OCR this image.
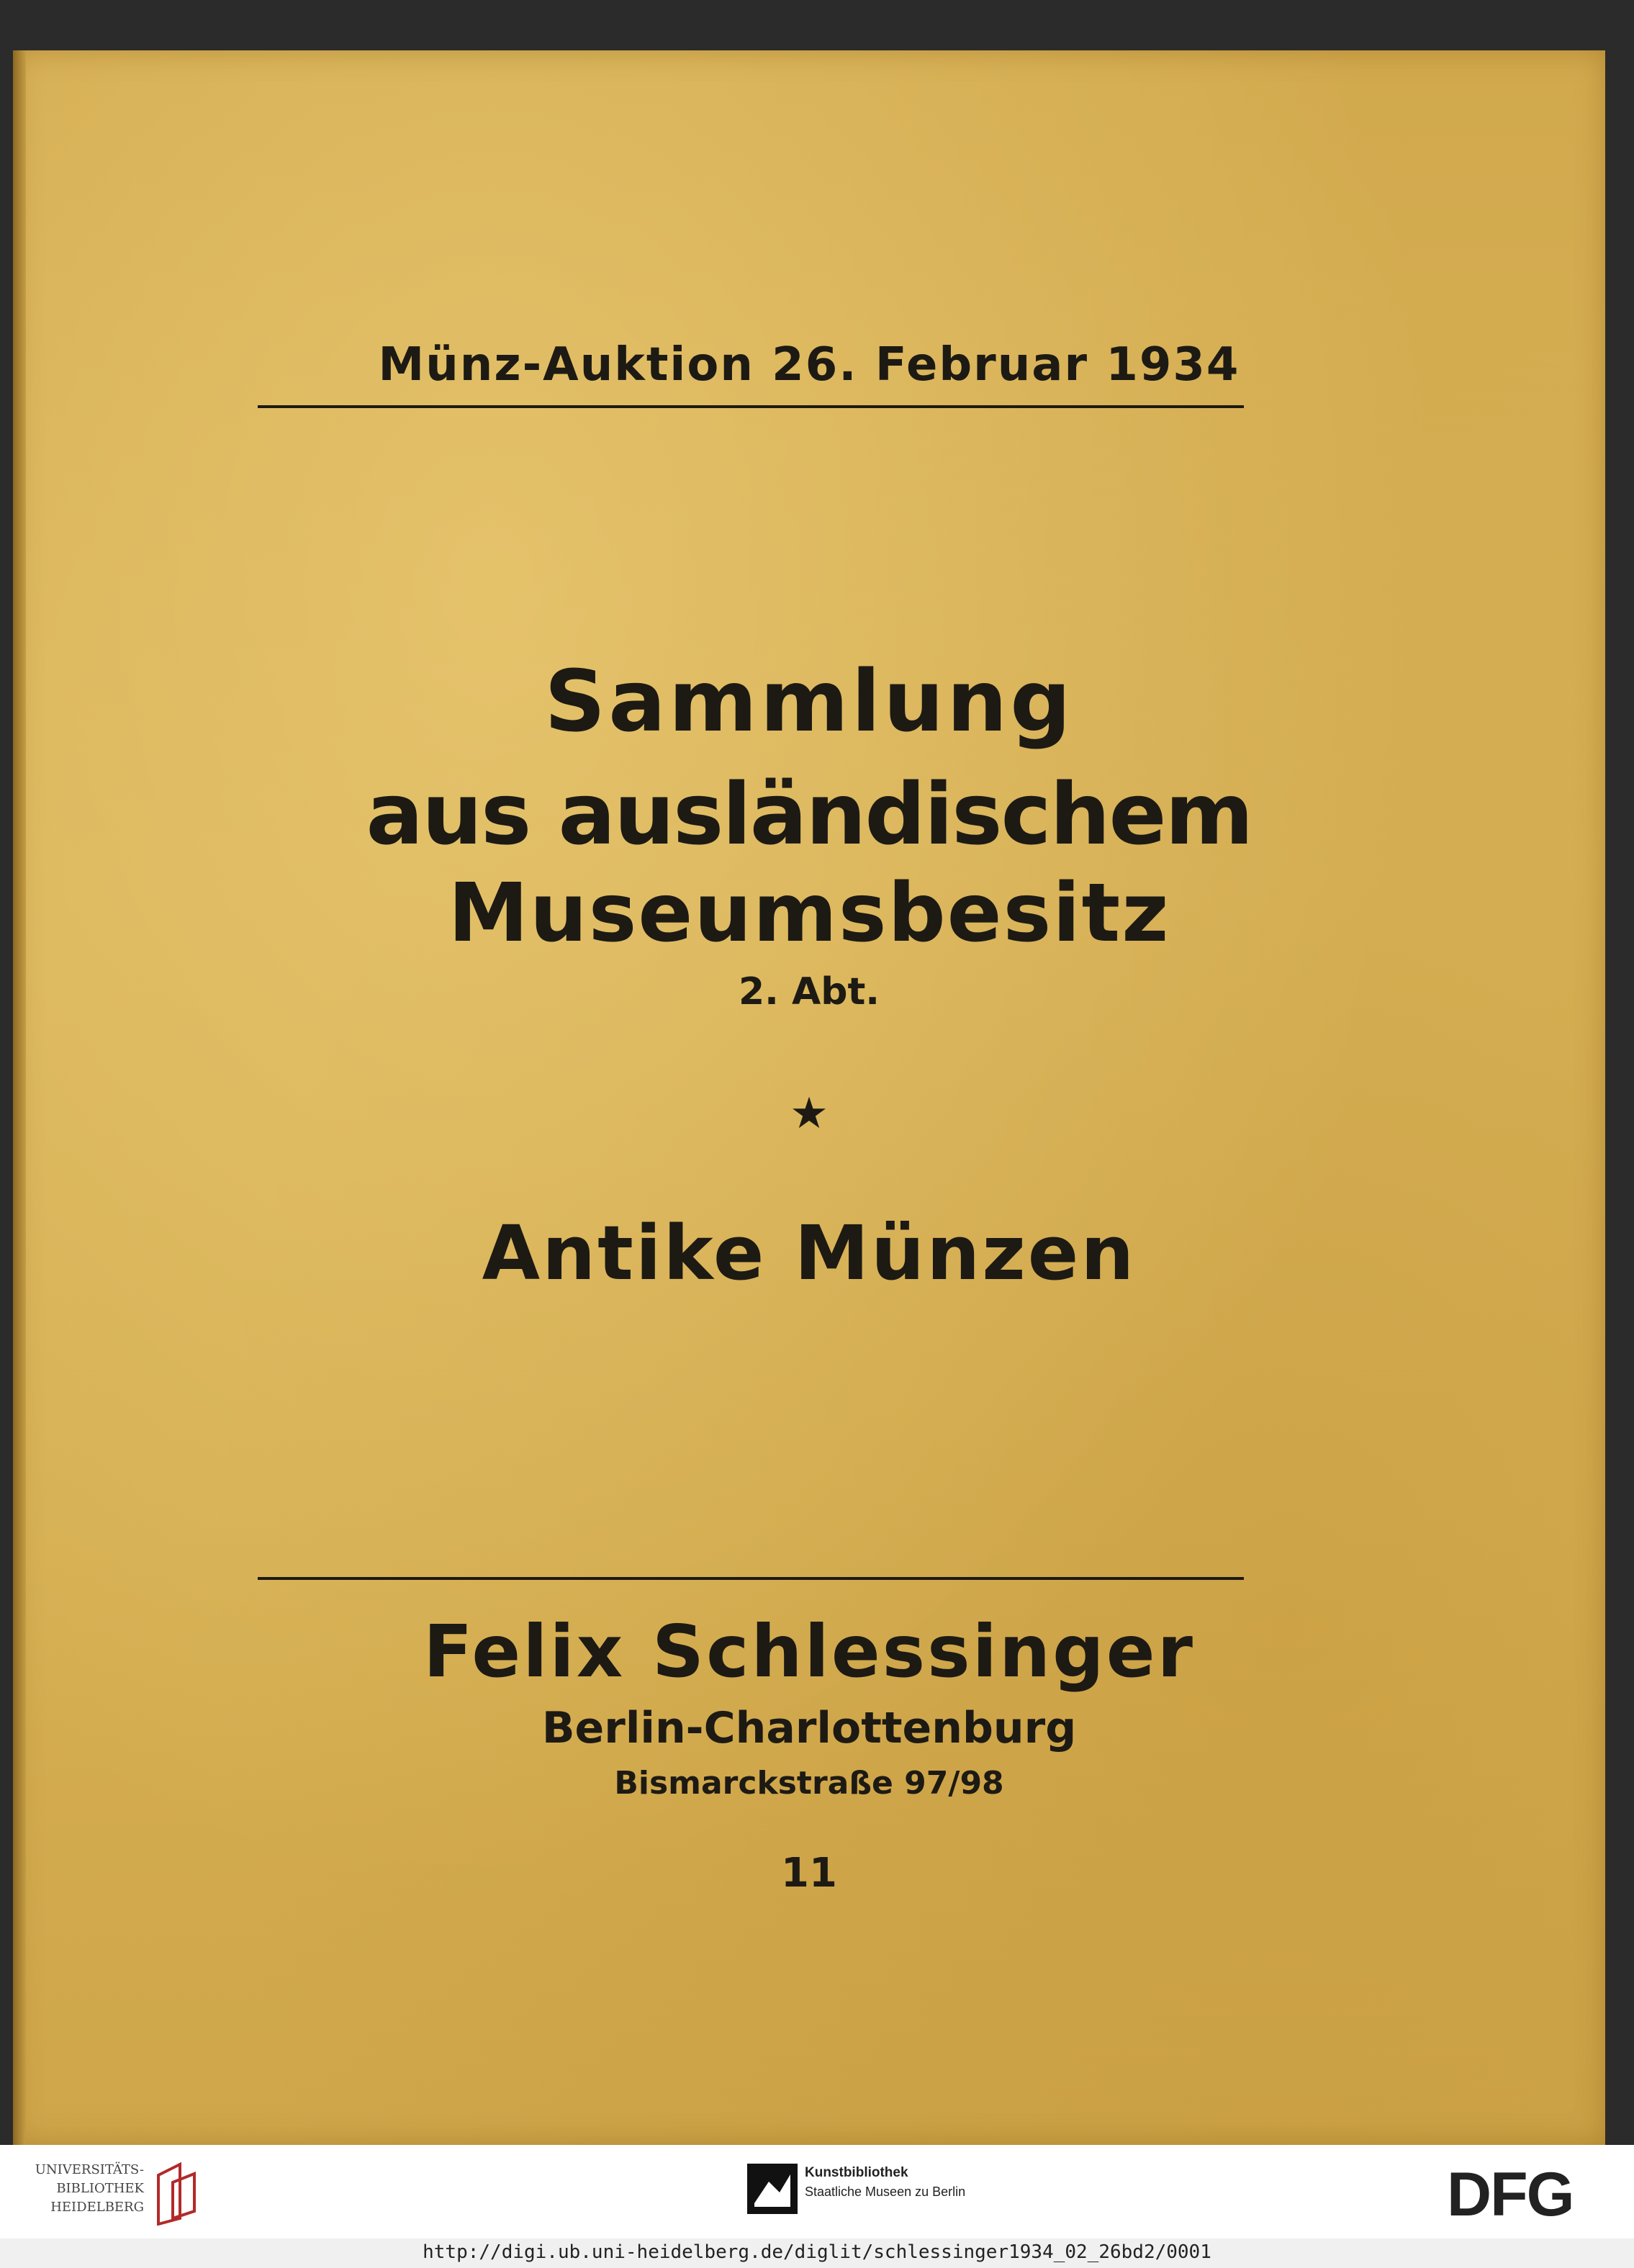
Münz-Auktion 26. Februar 1934
Sammlung
aus ausländischem
Museumsbesitz
2. Abt.
★
Antike Münzen
Felix Schlessinger
Berlin-Charlottenburg
Bismarckstraße 97/98
11
UNIVERSITÄTS-
BIBLIOTHEK
HEIDELBERG
Kunstbibliothek
Staatliche Museen zu Berlin	DFG
http://digi.ub.uni-heidelberg.de/diglit/schlessinger1934_02_26bd2/0001
